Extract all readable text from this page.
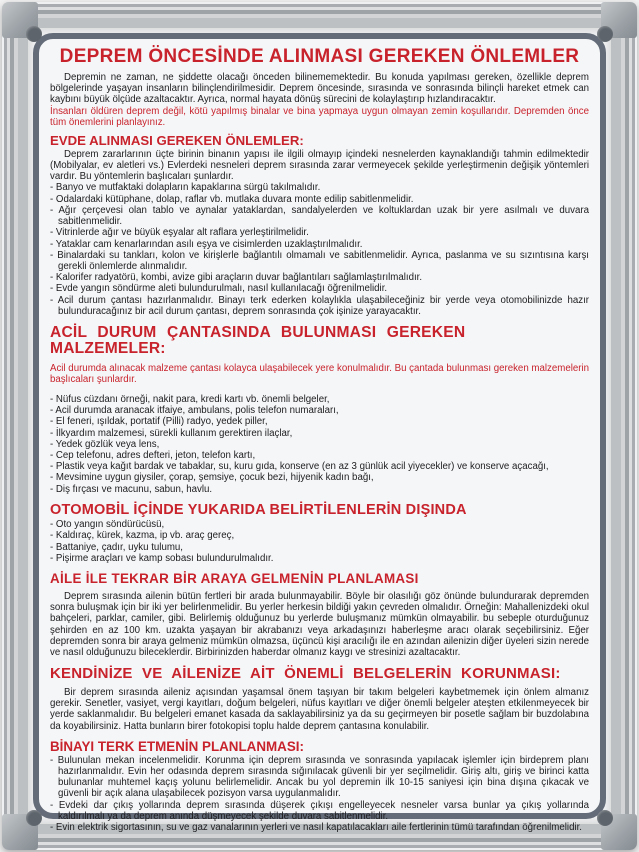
DEPREM ÖNCESİNDE ALINMASI GEREKEN ÖNLEMLER

Depremin ne zaman, ne şiddette olacağı önceden bilinememektedir. Bu konuda yapılması gereken, özellikle deprem bölgelerinde yaşayan insanların bilinçlendirilmesidir. Deprem öncesinde, sırasında ve sonrasında bilinçli hareket etmek can kaybını büyük ölçüde azaltacaktır. Ayrıca, normal hayata dönüş sürecini de kolaylaştırıp hızlandıracaktır.

İnsanları öldüren deprem değil, kötü yapılmış binalar ve bina yapmaya uygun olmayan zemin koşullarıdır. Depremden önce tüm önemlerini planlayınız.

EVDE ALINMASI GEREKEN ÖNLEMLER:

Deprem zararlarının üçte birinin binanın yapısı ile ilgili olmayıp içindeki nesnelerden kaynaklandığı tahmin edilmektedir (Mobilyalar, ev aletleri vs.) Evlerdeki nesneleri deprem sırasında zarar vermeyecek şekilde yerleştirmenin değişik yöntemleri vardır. Bu yöntemlerin başlıcaları şunlardır.

- Banyo ve mutfaktaki dolapların kapaklarına sürgü takılmalıdır.
- Odalardaki kütüphane, dolap, raflar vb. mutlaka duvara monte edilip sabitlenmelidir.
- Ağır çerçevesi olan tablo ve aynalar yataklardan, sandalyelerden ve koltuklardan uzak bir yere asılmalı ve duvara sabitlenmelidir.
- Vitrinlerde ağır ve büyük eşyalar alt raflara yerleştirilmelidir.
- Yataklar cam kenarlarından asılı eşya ve cisimlerden uzaklaştırılmalıdır.
- Binalardaki su tankları, kolon ve kirişlerle bağlantılı olmamalı ve sabitlenmelidir. Ayrıca, paslanma ve su sızıntısına karşı gerekli önlemlerde alınmalıdır.
- Kalorifer radyatörü, kombi, avize gibi araçların duvar bağlantıları sağlamlaştırılmalıdır.
- Evde yangın söndürme aleti bulundurulmalı, nasıl kullanılacağı öğrenilmelidir.
- Acil durum çantası hazırlanmalıdır. Binayı terk ederken kolaylıkla ulaşabileceğiniz bir yerde veya otomobilinizde hazır bulunduracağınız bir acil durum çantası, deprem sonrasında çok işinize yarayacaktır.
ACİL DURUM ÇANTASINDA BULUNMASI GEREKEN MALZEMELER:

Acil durumda alınacak malzeme çantası kolayca ulaşabilecek yere konulmalıdır. Bu çantada bulunması gereken malzemelerin başlıcaları şunlardır.

- Nüfus cüzdanı örneği, nakit para, kredi kartı vb. önemli belgeler,
- Acil durumda aranacak itfaiye, ambulans, polis telefon numaraları,
- El feneri, ışıldak, portatif (Pilli) radyo, yedek piller,
- İlkyardım malzemesi, sürekli kullanım gerektiren ilaçlar,
- Yedek gözlük veya lens,
- Cep telefonu, adres defteri, jeton, telefon kartı,
- Plastik veya kağıt bardak ve tabaklar, su, kuru gıda, konserve (en az 3 günlük acil yiyecekler) ve konserve açacağı,
- Mevsimine uygun giysiler, çorap, şemsiye, çocuk bezi, hijyenik kadın bağı,
- Diş fırçası ve macunu, sabun, havlu.
OTOMOBİL İÇİNDE YUKARIDA BELİRTİLENLERİN DIŞINDA
- Oto yangın söndürücüsü,
- Kaldıraç, kürek, kazma, ip vb. araç gereç,
- Battaniye, çadır, uyku tulumu,
- Pişirme araçları ve kamp sobası bulundurulmalıdır.
AİLE İLE TEKRAR BİR ARAYA GELMENİN PLANLAMASI

Deprem sırasında ailenin bütün fertleri bir arada bulunmayabilir. Böyle bir olasılığı göz önünde bulundurarak depremden sonra buluşmak için bir iki yer belirlenmelidir. Bu yerler herkesin bildiği yakın çevreden olmalıdır. Örneğin: Mahallenizdeki okul bahçeleri, parklar, camiler, gibi. Belirlemiş olduğunuz bu yerlerde buluşmanız mümkün olmayabilir. bu sebeple oturduğunuz şehirden en az 100 km. uzakta yaşayan bir akrabanızı veya arkadaşınızı haberleşme aracı olarak seçebilirsiniz. Eğer depremden sonra bir araya gelmeniz mümkün olmazsa, üçüncü kişi aracılığı ile en azından ailenizin diğer üyeleri sizin nerede ve nasıl olduğunuzu bileceklerdir. Birbirinizden haberdar olmanız kaygı ve stresinizi azaltacaktır.

KENDİNİZE VE AİLENİZE AİT ÖNEMLİ BELGELERİN KORUNMASI:

Bir deprem sırasında aileniz açısından yaşamsal önem taşıyan bir takım belgeleri kaybetmemek için önlem almanız gerekir. Senetler, vasiyet, vergi kayıtları, doğum belgeleri, nüfus kayıtları ve diğer önemli belgeler ateşten etkilenmeyecek bir yerde saklanmalıdır. Bu belgeleri emanet kasada da saklayabilirsiniz ya da su geçirmeyen bir posetle sağlam bir buzdolabına da koyabilirsiniz. Hatta bunların birer fotokopisi toplu halde deprem çantasına konulabilir.

BİNAYI TERK ETMENİN PLANLANMASI:
- Bulunulan mekan incelenmelidir. Korunma için deprem sırasında ve sonrasında yapılacak işlemler için birdeprem planı hazırlanmalıdır. Evin her odasında deprem sırasında sığınılacak güvenli bir yer seçilmelidir. Giriş altı, giriş ve birinci katta bulunanlar muhtemel kaçış yolunu belirlemelidir. Ancak bu yol depremin ilk 10-15 saniyesi için bina dışına çıkacak ve güvenli bir açık alana ulaşabilecek pozisyon varsa uygulanmalıdır.
- Evdeki dar çıkış yollarında deprem sırasında düşerek çıkışı engelleyecek nesneler varsa bunlar ya çıkış yollarında kaldırılmalı ya da deprem anında düşmeyecek şekilde duvara sabitlenmelidir.
- Evin elektrik sigortasının, su ve gaz vanalarının yerleri ve nasıl kapatılacakları aile fertlerinin tümü tarafından öğrenilmelidir.
